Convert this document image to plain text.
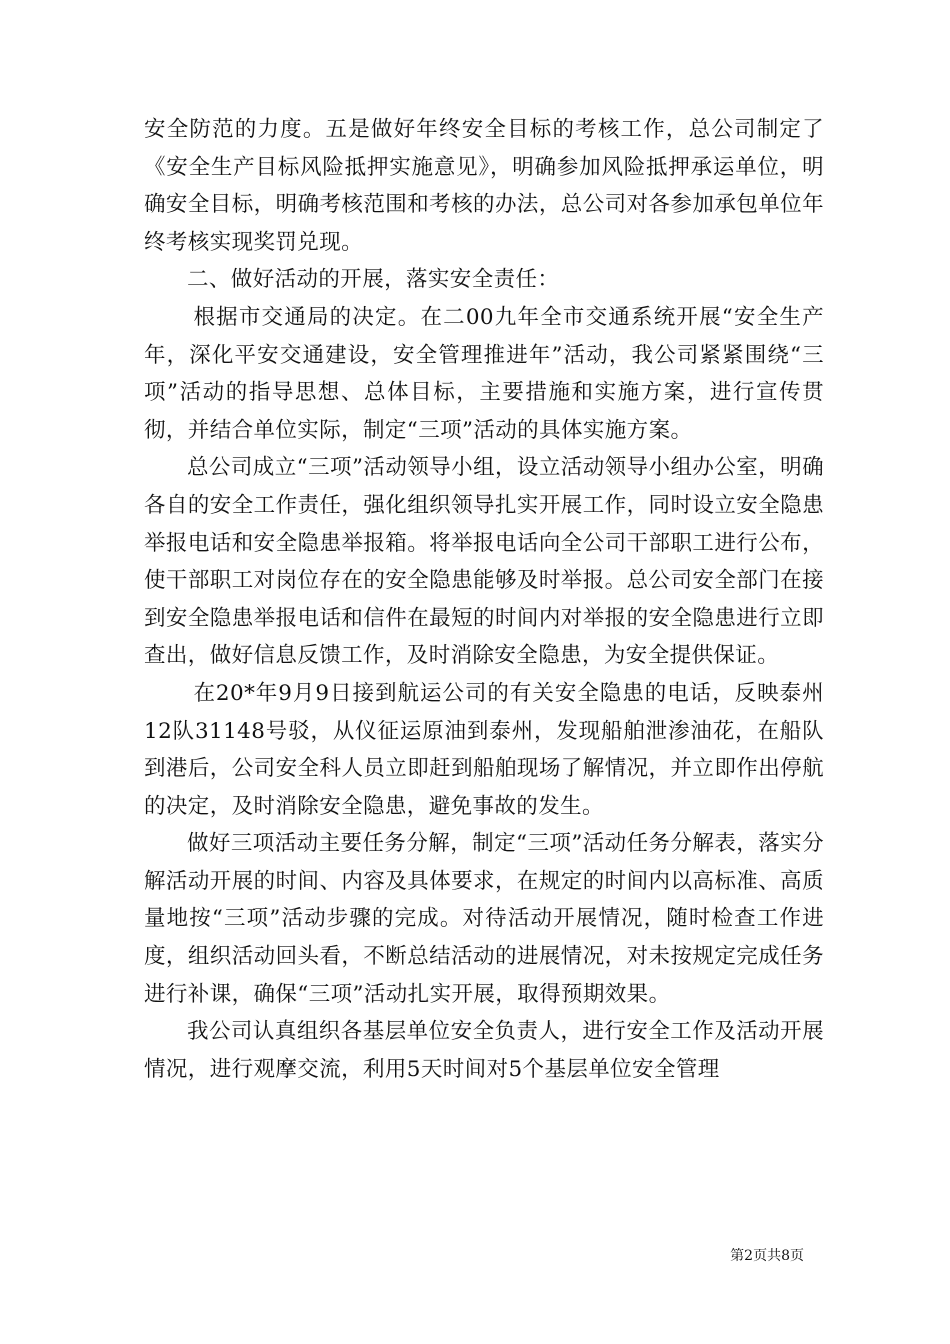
安全防范的力度。五是做好年终安全目标的考核工作，总公司制定了《安全生产目标风险抵押实施意见》，明确参加风险抵押承运单位，明确安全目标，明确考核范围和考核的办法，总公司对各参加承包单位年终考核实现奖罚兑现。

二、做好活动的开展，落实安全责任：

根据市交通局的决定。在二00九年全市交通系统开展“安全生产年，深化平安交通建设，安全管理推进年”活动，我公司紧紧围绕“三项”活动的指导思想、总体目标，主要措施和实施方案，进行宣传贯彻，并结合单位实际，制定“三项”活动的具体实施方案。

总公司成立“三项”活动领导小组，设立活动领导小组办公室，明确各自的安全工作责任，强化组织领导扎实开展工作，同时设立安全隐患举报电话和安全隐患举报箱。将举报电话向全公司干部职工进行公布，使干部职工对岗位存在的安全隐患能够及时举报。总公司安全部门在接到安全隐患举报电话和信件在最短的时间内对举报的安全隐患进行立即查出，做好信息反馈工作，及时消除安全隐患，为安全提供保证。

在20*年9月9日接到航运公司的有关安全隐患的电话，反映泰州12队31148号驳，从仪征运原油到泰州，发现船舶泄渗油花，在船队到港后，公司安全科人员立即赶到船舶现场了解情况，并立即作出停航的决定，及时消除安全隐患，避免事故的发生。

做好三项活动主要任务分解，制定“三项”活动任务分解表，落实分解活动开展的时间、内容及具体要求，在规定的时间内以高标准、高质量地按“三项”活动步骤的完成。对待活动开展情况，随时检查工作进度，组织活动回头看，不断总结活动的进展情况，对未按规定完成任务进行补课，确保“三项”活动扎实开展，取得预期效果。

我公司认真组织各基层单位安全负责人，进行安全工作及活动开展情况，进行观摩交流，利用5天时间对5个基层单位安全管理

第2页共8页
